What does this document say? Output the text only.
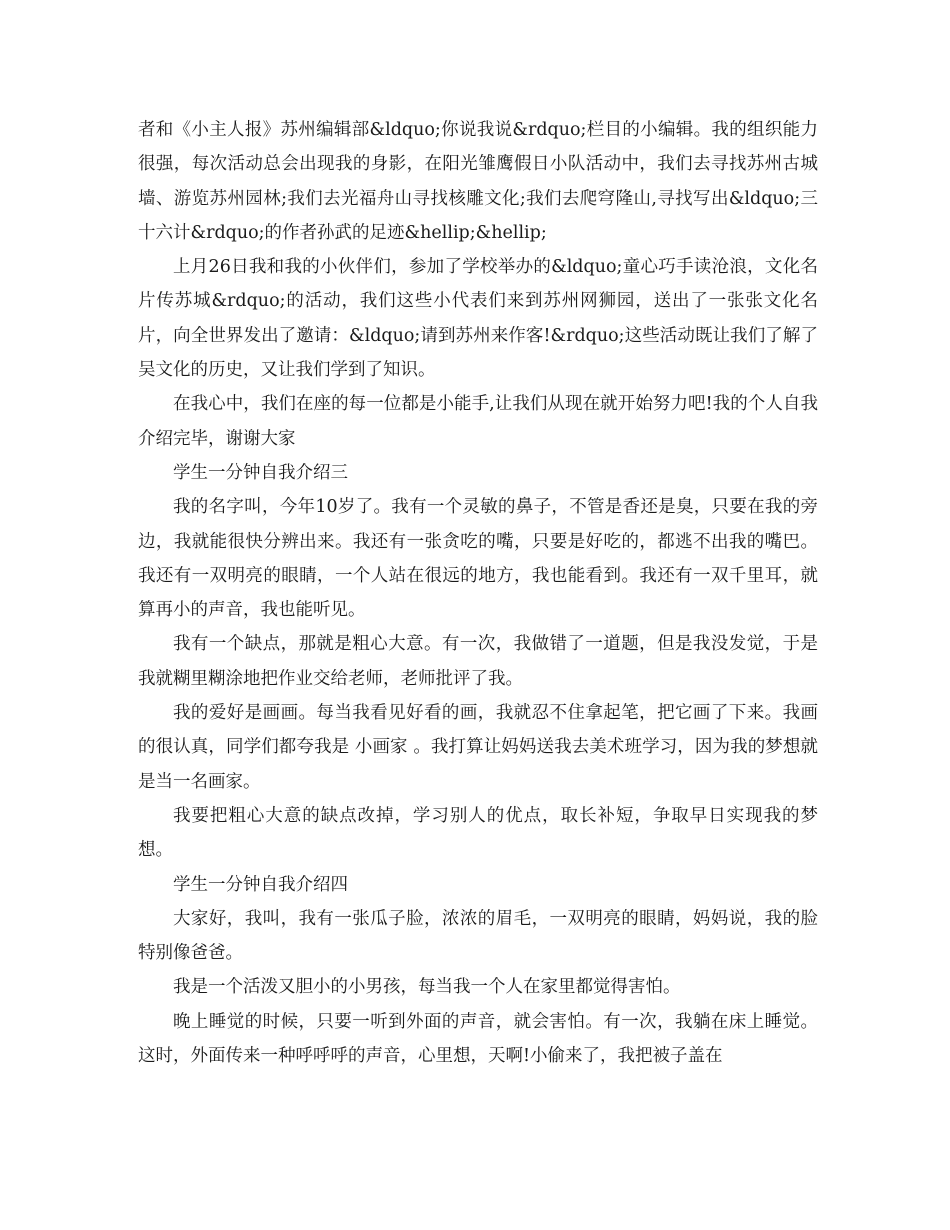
者和《小主人报》苏州编辑部&ldquo;你说我说&rdquo;栏目的小编辑。我的组织能力很强，每次活动总会出现我的身影，在阳光雏鹰假日小队活动中，我们去寻找苏州古城墙、游览苏州园林;我们去光福舟山寻找核雕文化;我们去爬穹隆山,寻找写出&ldquo;三十六计&rdquo;的作者孙武的足迹&hellip;&hellip;

上月26日我和我的小伙伴们，参加了学校举办的&ldquo;童心巧手读沧浪，文化名片传苏城&rdquo;的活动，我们这些小代表们来到苏州网狮园，送出了一张张文化名片，向全世界发出了邀请：&ldquo;请到苏州来作客!&rdquo;这些活动既让我们了解了吴文化的历史，又让我们学到了知识。

在我心中，我们在座的每一位都是小能手,让我们从现在就开始努力吧!我的个人自我介绍完毕，谢谢大家

学生一分钟自我介绍三

我的名字叫，今年10岁了。我有一个灵敏的鼻子，不管是香还是臭，只要在我的旁边，我就能很快分辨出来。我还有一张贪吃的嘴，只要是好吃的，都逃不出我的嘴巴。我还有一双明亮的眼睛，一个人站在很远的地方，我也能看到。我还有一双千里耳，就算再小的声音，我也能听见。

我有一个缺点，那就是粗心大意。有一次，我做错了一道题，但是我没发觉，于是我就糊里糊涂地把作业交给老师，老师批评了我。

我的爱好是画画。每当我看见好看的画，我就忍不住拿起笔，把它画了下来。我画的很认真，同学们都夸我是 小画家 。我打算让妈妈送我去美术班学习，因为我的梦想就是当一名画家。

我要把粗心大意的缺点改掉，学习别人的优点，取长补短，争取早日实现我的梦想。

学生一分钟自我介绍四

大家好，我叫，我有一张瓜子脸，浓浓的眉毛，一双明亮的眼睛，妈妈说，我的脸特别像爸爸。

我是一个活泼又胆小的小男孩，每当我一个人在家里都觉得害怕。

晚上睡觉的时候，只要一听到外面的声音，就会害怕。有一次，我躺在床上睡觉。这时，外面传来一种呼呼呼的声音，心里想，天啊!小偷来了，我把被子盖在
